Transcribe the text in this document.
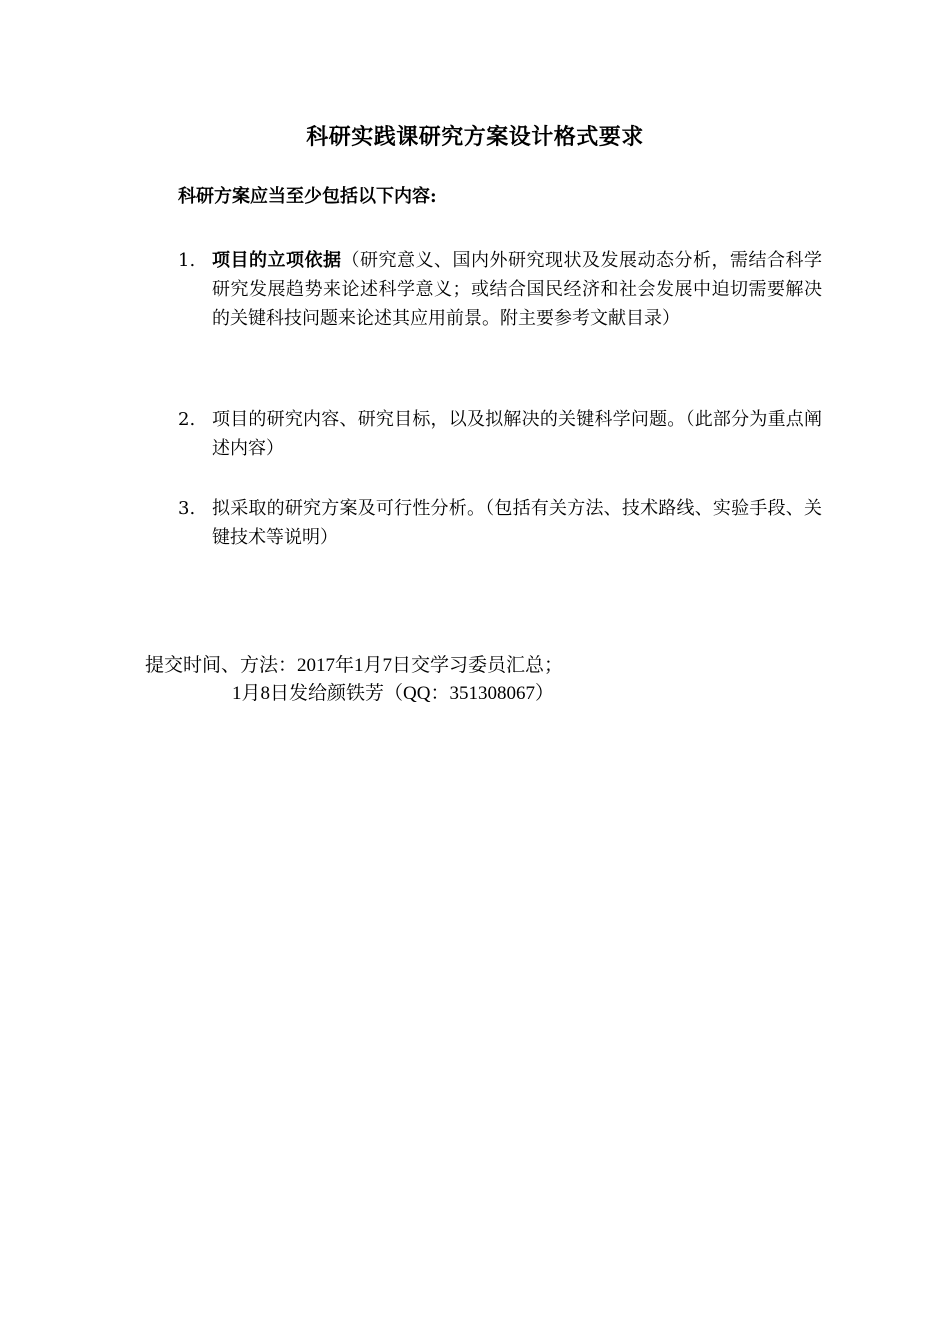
科研实践课研究方案设计格式要求
科研方案应当至少包括以下内容:
1. 项目的立项依据（研究意义、国内外研究现状及发展动态分析，需结合科学研究发展趋势来论述科学意义；或结合国民经济和社会发展中迫切需要解决的关键科技问题来论述其应用前景。附主要参考文献目录）
2. 项目的研究内容、研究目标，以及拟解决的关键科学问题。（此部分为重点阐述内容）
3. 拟采取的研究方案及可行性分析。（包括有关方法、技术路线、实验手段、关键技术等说明）
提交时间、方法：2017年1月7日交学习委员汇总；
1月8日发给颜铁芳（QQ：351308067）
